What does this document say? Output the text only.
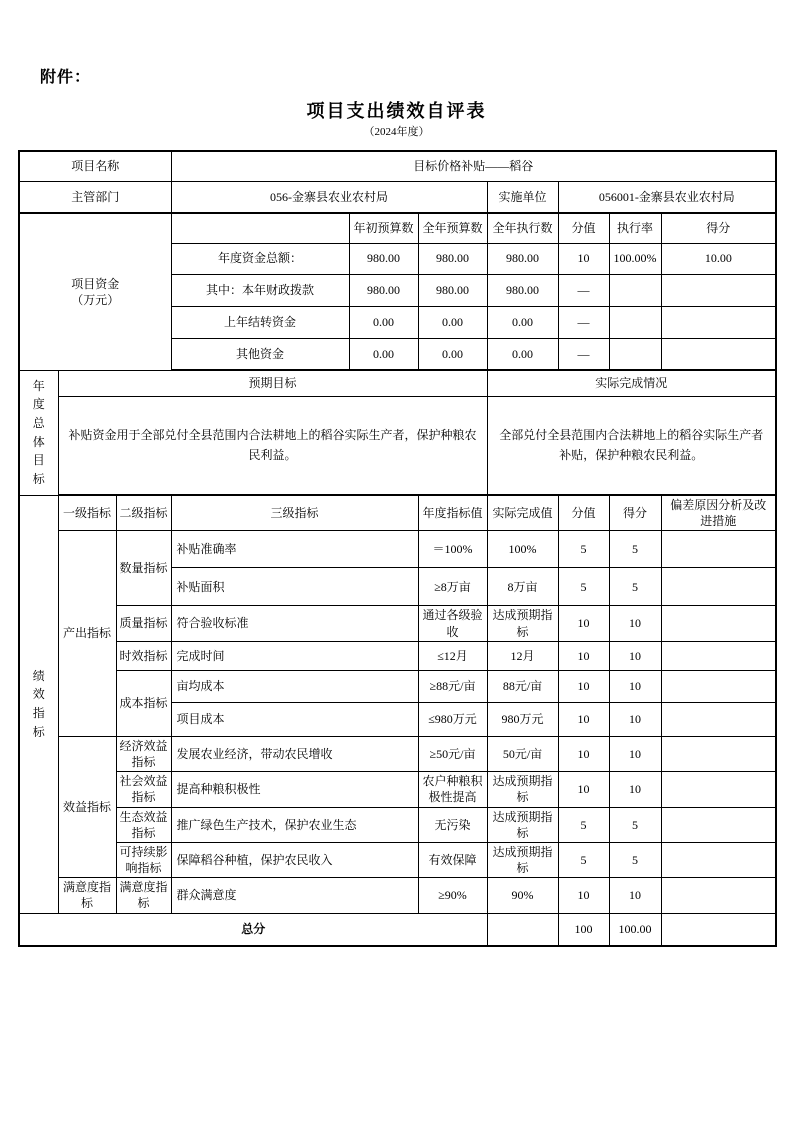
附件：
项目支出绩效自评表
（2024年度）
项目名称			目标价格补贴——稻谷						
主管部门			056-金寨县农业农村局			实施单位	056001-金寨县农业农村局		

项目资金
（万元）				年初预算数	全年预算数	全年执行数	分值	执行率	得分
			年度资金总额：	980.00	980.00	980.00	10	100.00%	10.00
			其中：本年财政拨款	980.00	980.00	980.00	—		
			上年结转资金	0.00	0.00	0.00	—		
			其他资金	0.00	0.00	0.00	—		
年度总体目标	预期目标					实际完成情况			
	补贴资金用于全部兑付全县范围内合法耕地上的稻谷实际生产者，保护种粮农民利益。					全部兑付全县范围内合法耕地上的稻谷实际生产者补贴，保护种粮农民利益。			
绩效指标	一级指标	二级指标	三级指标		年度指标值	实际完成值	分值	得分	偏差原因分析及改进措施
	产出指标	数量指标	补贴准确率		＝100%	100%	5	5	
			补贴面积		≥8万亩	8万亩	5	5	
		质量指标	符合验收标准		通过各级验收	达成预期指标	10	10	
		时效指标	完成时间		≤12月	12月	10	10	
		成本指标	亩均成本		≥88元/亩	88元/亩	10	10	
			项目成本		≤980万元	980万元	10	10	
	效益指标	经济效益指标	发展农业经济，带动农民增收		≥50元/亩	50元/亩	10	10	
		社会效益指标	提高种粮积极性		农户种粮积极性提高	达成预期指标	10	10	
		生态效益指标	推广绿色生产技术，保护农业生态		无污染	达成预期指标	5	5	
		可持续影响指标	保障稻谷种植，保护农民收入		有效保障	达成预期指标	5	5	
	满意度指标	满意度指标	群众满意度		≥90%	90%	10	10	
总分							100	100.00	
